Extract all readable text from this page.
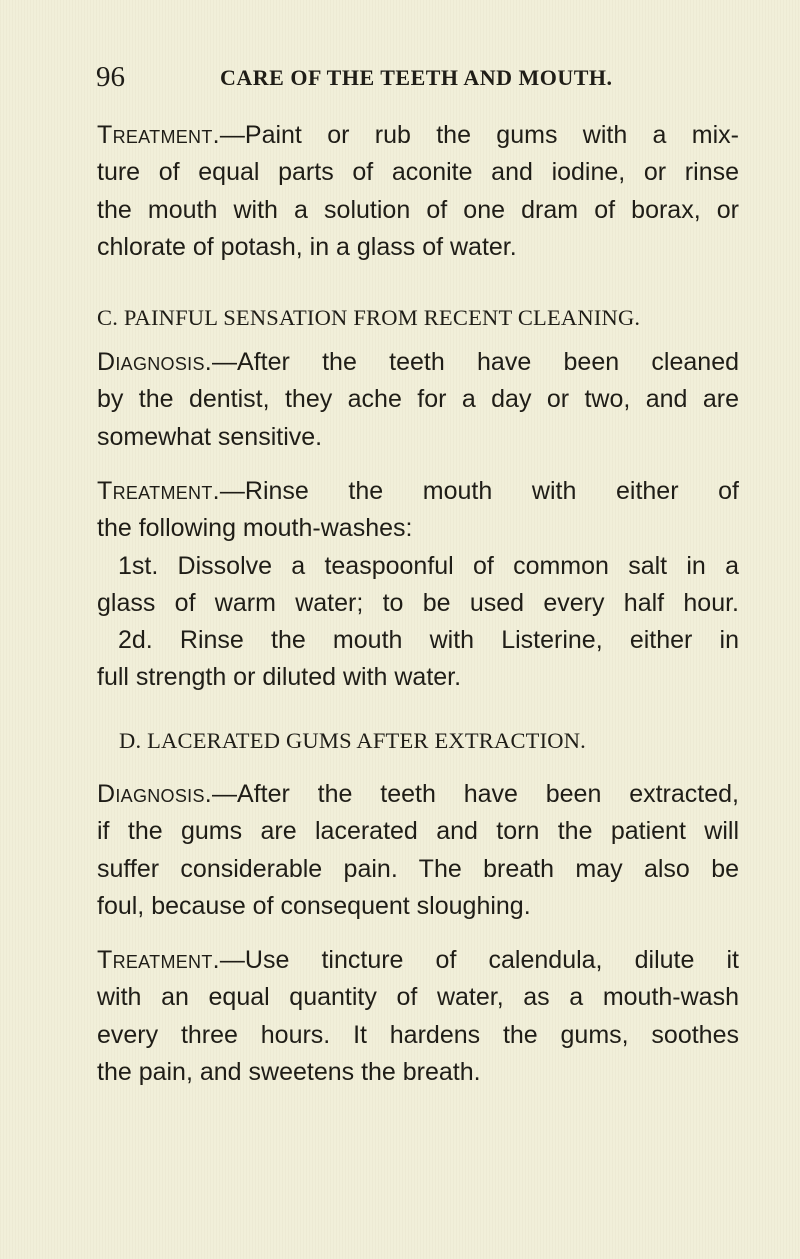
96	CARE OF THE TEETH AND MOUTH.
Treatment.—Paint or rub the gums with a mix-
ture of equal parts of aconite and iodine, or rinse
the mouth with a solution of one dram of borax, or
chlorate of potash, in a glass of water.
C. PAINFUL SENSATION FROM RECENT CLEANING.
Diagnosis.—After the teeth have been cleaned
by the dentist, they ache for a day or two, and are
somewhat sensitive.
Treatment.—Rinse the mouth with either of
the following mouth-washes:
1st. Dissolve a teaspoonful of common salt in a
glass of warm water; to be used every half hour.
2d. Rinse the mouth with Listerine, either in
full strength or diluted with water.
D. LACERATED GUMS AFTER EXTRACTION.
Diagnosis.—After the teeth have been extracted,
if the gums are lacerated and torn the patient will
suffer considerable pain. The breath may also be
foul, because of consequent sloughing.
Treatment.—Use tincture of calendula, dilute it
with an equal quantity of water, as a mouth-wash
every three hours. It hardens the gums, soothes
the pain, and sweetens the breath.
